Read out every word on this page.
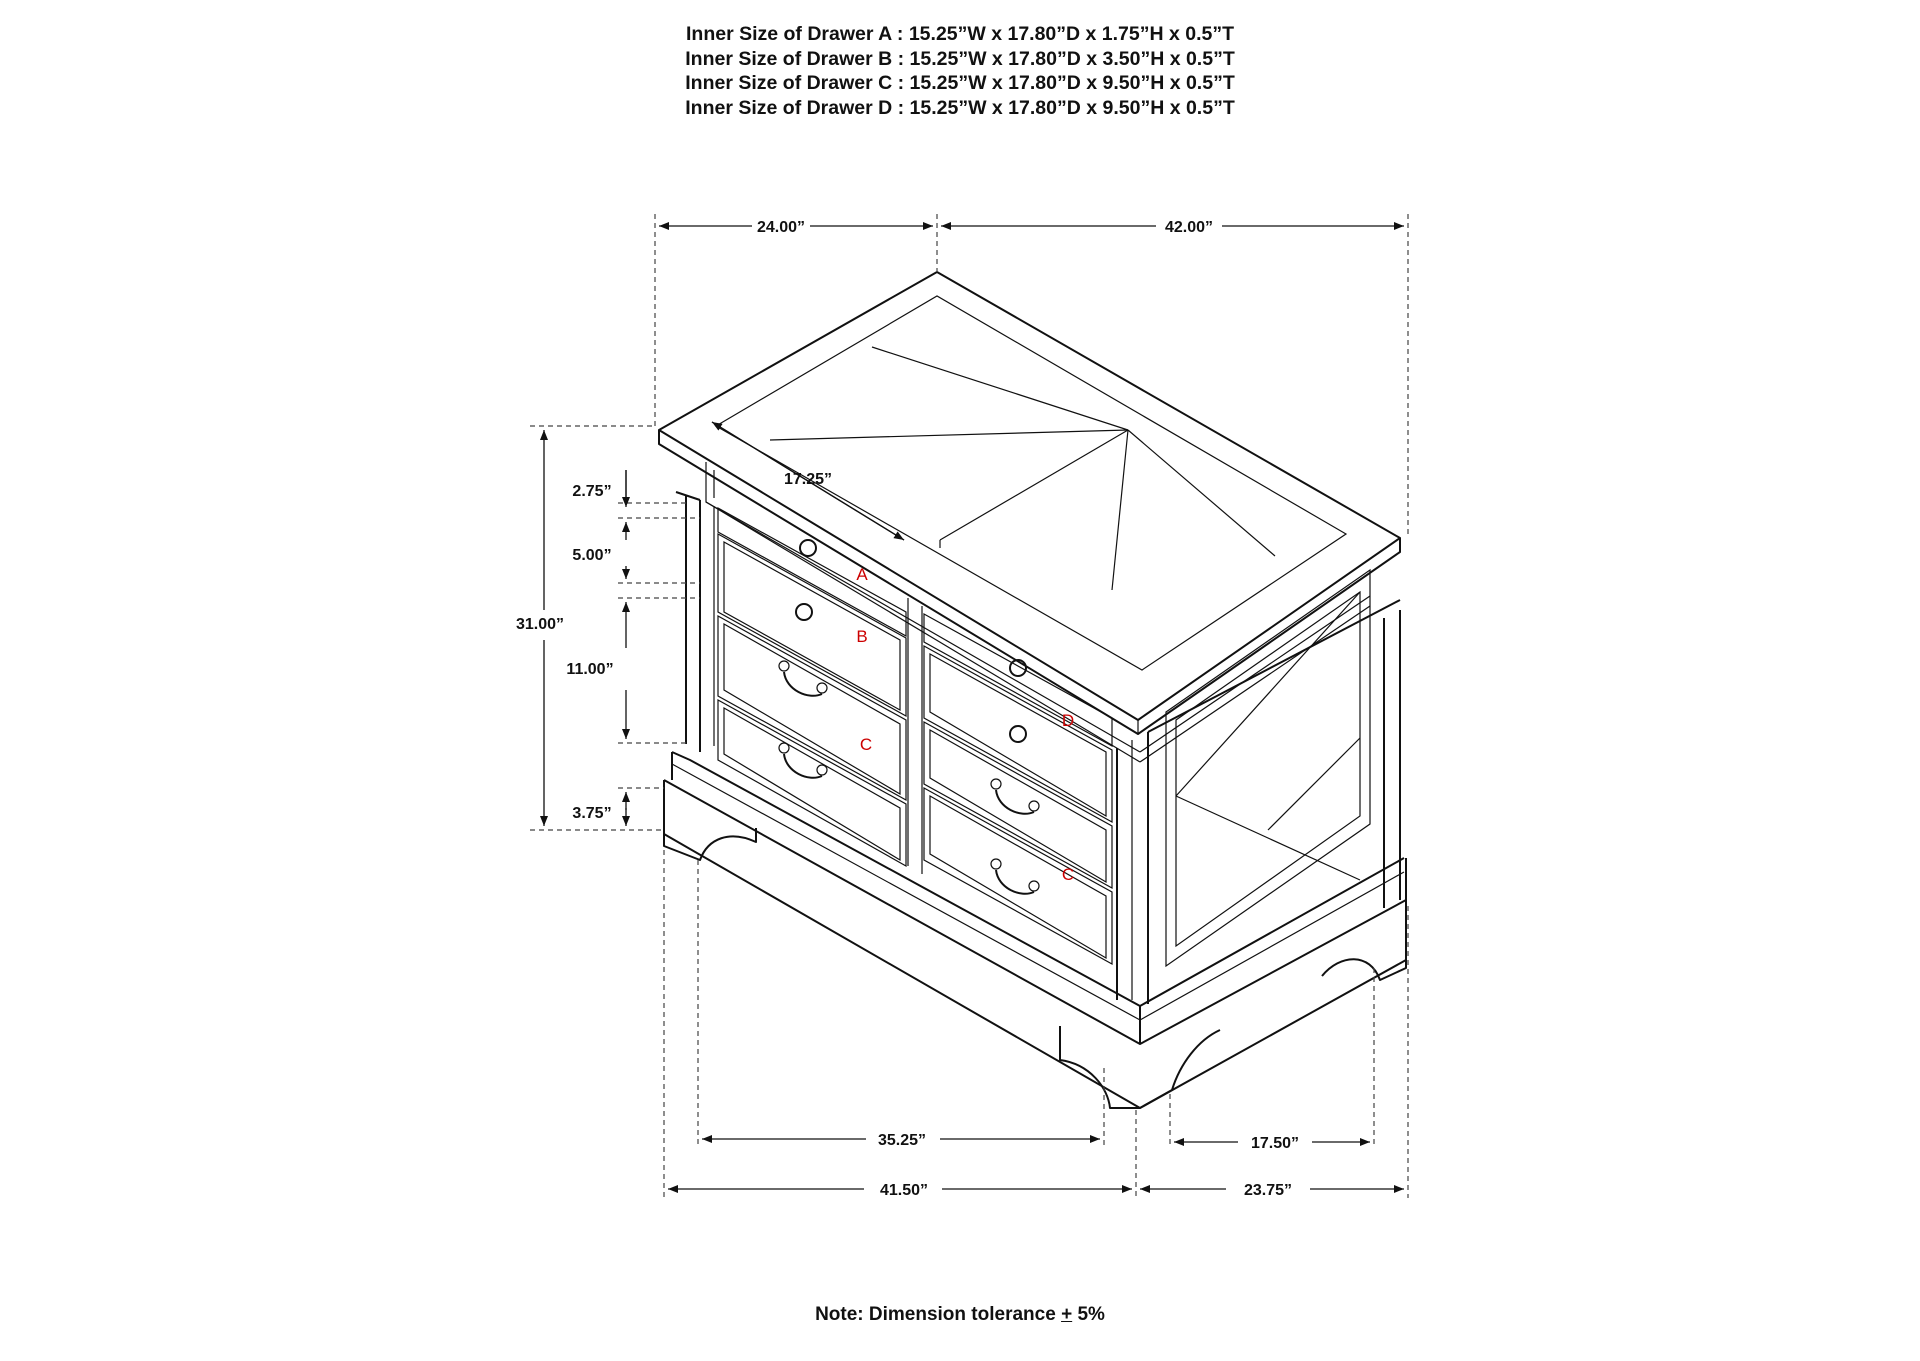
Inner Size of Drawer A : 15.25”W x 17.80”D x 1.75”H x 0.5”T
Inner Size of Drawer B : 15.25”W x 17.80”D x 3.50”H x 0.5”T
Inner Size of Drawer C : 15.25”W x 17.80”D x 9.50”H x 0.5”T
Inner Size of Drawer D : 15.25”W x 17.80”D x 9.50”H x 0.5”T
24.00”	42.00”
31.00”
2.75”
5.00”
11.00”
3.75”
17.25”
35.25”	17.50”
41.50”	23.75”
A
B
C
D
C
Note: Dimension tolerance + 5%
